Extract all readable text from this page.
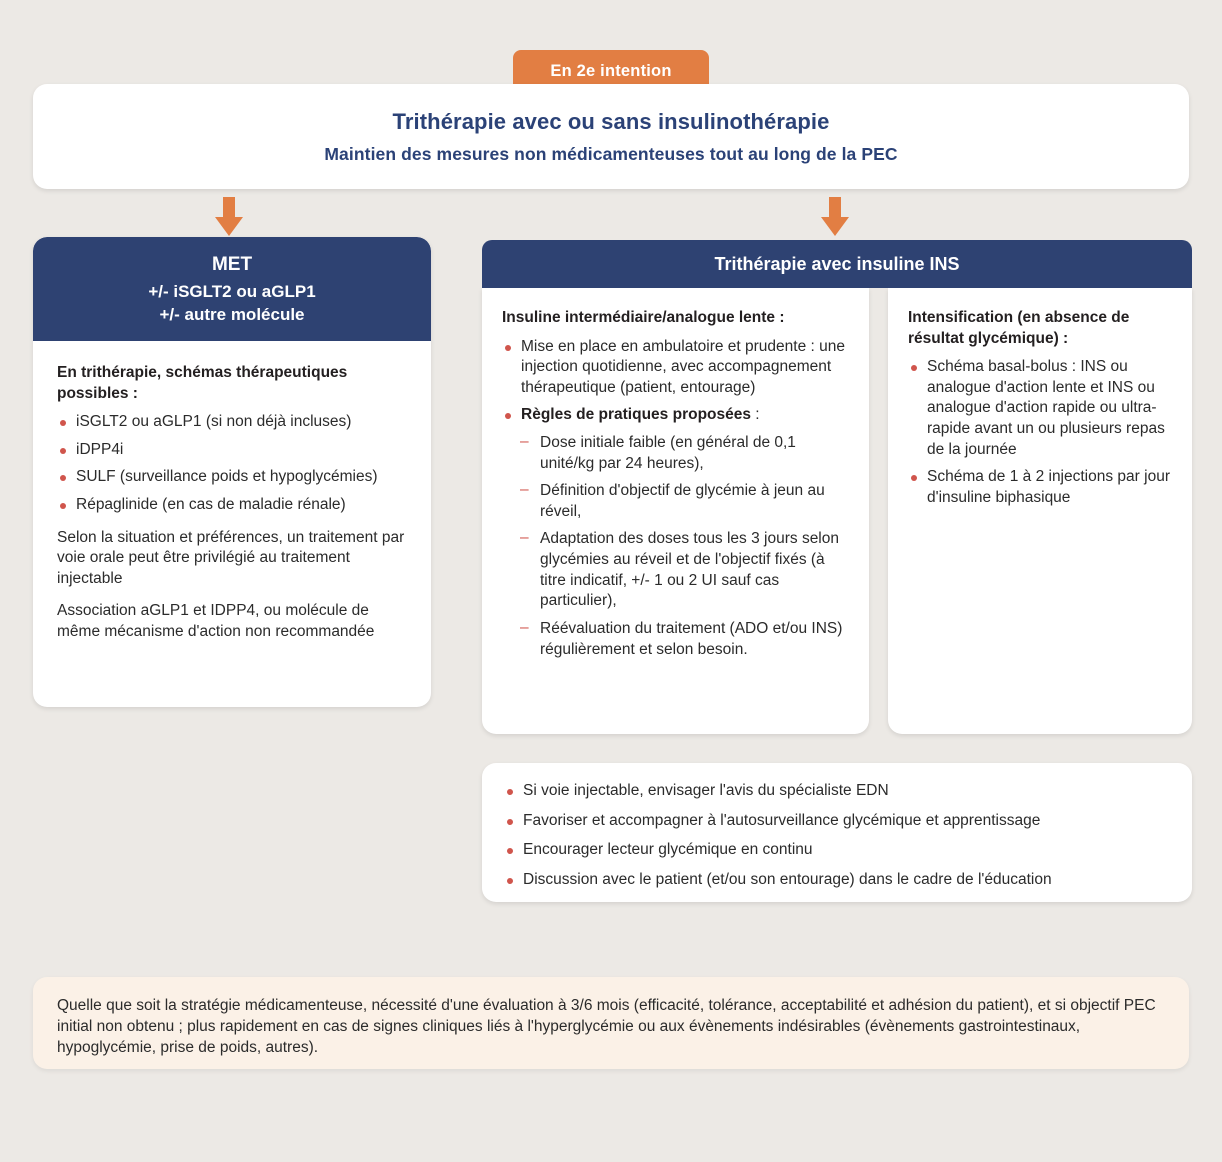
En 2e intention
Trithérapie avec ou sans insulinothérapie
Maintien des mesures non médicamenteuses tout au long de la PEC
MET
+/- iSGLT2 ou aGLP1
+/- autre molécule
En trithérapie, schémas thérapeutiques possibles :
iSGLT2 ou aGLP1 (si non déjà incluses)
iDPP4i
SULF (surveillance poids et hypoglycémies)
Répaglinide (en cas de maladie rénale)

Selon la situation et préférences, un traitement par voie orale peut être privilégié au traitement injectable

Association aGLP1 et IDPP4, ou molécule de même mécanisme d'action non recommandée

Trithérapie avec insuline INS
Insuline intermédiaire/analogue lente :
Mise en place en ambulatoire et prudente : une injection quotidienne, avec accompagnement thérapeutique (patient, entourage)
Règles de pratiques proposées :
– Dose initiale faible (en général de 0,1 unité/kg par 24 heures),
– Définition d'objectif de glycémie à jeun au réveil,
– Adaptation des doses tous les 3 jours selon glycémies au réveil et de l'objectif fixés (à titre indicatif, +/- 1 ou 2 UI sauf cas particulier),
– Réévaluation du traitement (ADO et/ou INS) régulièrement et selon besoin.
Intensification (en absence de résultat glycémique) :
Schéma basal-bolus : INS ou analogue d'action lente et INS ou analogue d'action rapide ou ultra-rapide avant un ou plusieurs repas de la journée
Schéma de 1 à 2 injections par jour d'insuline biphasique
Si voie injectable, envisager l'avis du spécialiste EDN
Favoriser et accompagner à l'autosurveillance glycémique et apprentissage
Encourager lecteur glycémique en continu
Discussion avec le patient (et/ou son entourage) dans le cadre de l'éducation

Quelle que soit la stratégie médicamenteuse, nécessité d'une évaluation à 3/6 mois (efficacité, tolérance, acceptabilité et adhésion du patient), et si objectif PEC initial non obtenu ; plus rapidement en cas de signes cliniques liés à l'hyperglycémie ou aux évènements indésirables (évènements gastrointestinaux, hypoglycémie, prise de poids, autres).
